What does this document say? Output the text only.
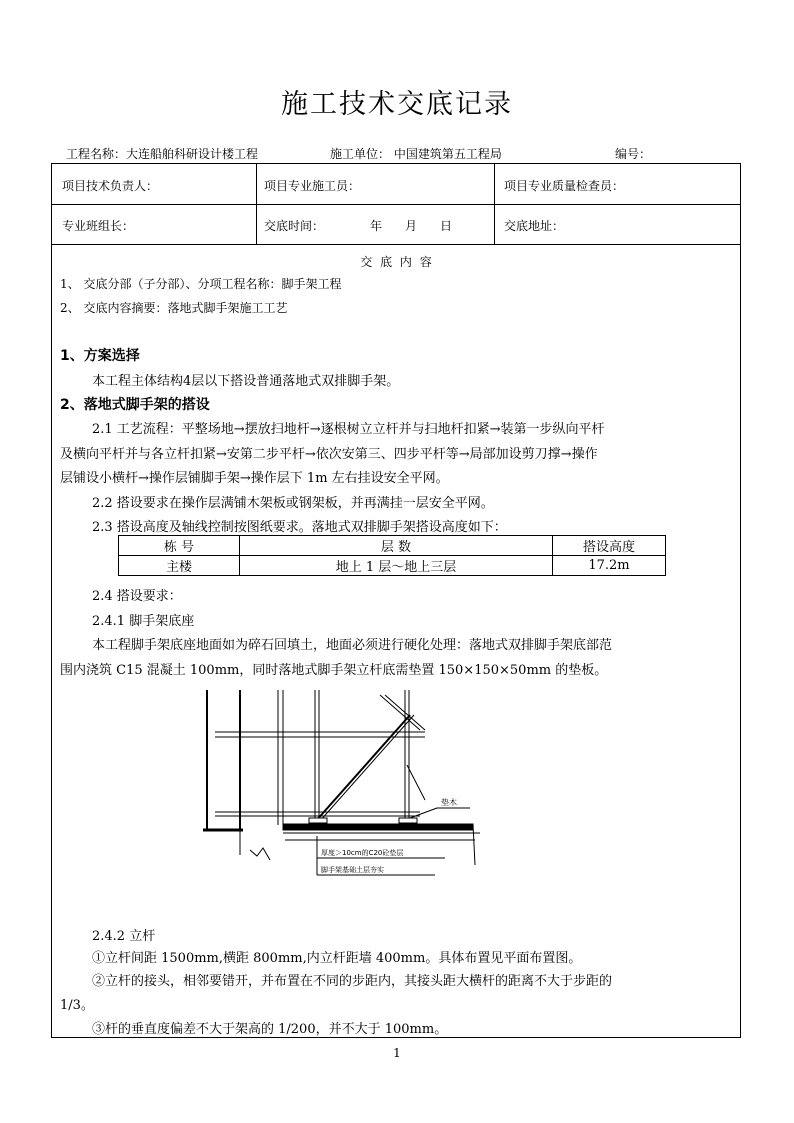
施工技术交底记录
工程名称：大连船舶科研设计楼工程	施工单位： 中国建筑第五工程局	编号：
项目技术负责人：	项目专业施工员：	项目专业质量检查员：
专业班组长：	交底时间：	年 月 日	交底地址：
交 底 内 容
1、 交底分部（子分部）、分项工程名称：脚手架工程
2、 交底内容摘要：落地式脚手架施工工艺
1、方案选择
本工程主体结构4层以下搭设普通落地式双排脚手架。
2、落地式脚手架的搭设
2.1 工艺流程：平整场地→摆放扫地杆→逐根树立立杆并与扫地杆扣紧→装第一步纵向平杆
及横向平杆并与各立杆扣紧→安第二步平杆→依次安第三、四步平杆等→局部加设剪刀撑→操作
层铺设小横杆→操作层铺脚手架→操作层下 1m 左右挂设安全平网。
2.2 搭设要求在操作层满铺木架板或钢架板，并再满挂一层安全平网。
2.3 搭设高度及轴线控制按图纸要求。落地式双排脚手架搭设高度如下：
栋 号	层 数	搭设高度
主楼	地上 1 层～地上三层	17.2m
2.4 搭设要求：
2.4.1 脚手架底座
本工程脚手架底座地面如为碎石回填土，地面必须进行硬化处理：落地式双排脚手架底部范
围内浇筑 C15 混凝土 100mm，同时落地式脚手架立杆底需垫置 150×150×50mm 的垫板。
垫木
厚度＞10cm的C20砼垫层
脚手架基础土层夯实
2.4.2 立杆
①立杆间距 1500mm,横距 800mm,内立杆距墙 400mm。具体布置见平面布置图。
②立杆的接头，相邻要错开，并布置在不同的步距内，其接头距大横杆的距离不大于步距的
1/3。
③杆的垂直度偏差不大于架高的 1/200，并不大于 100mm。
1
